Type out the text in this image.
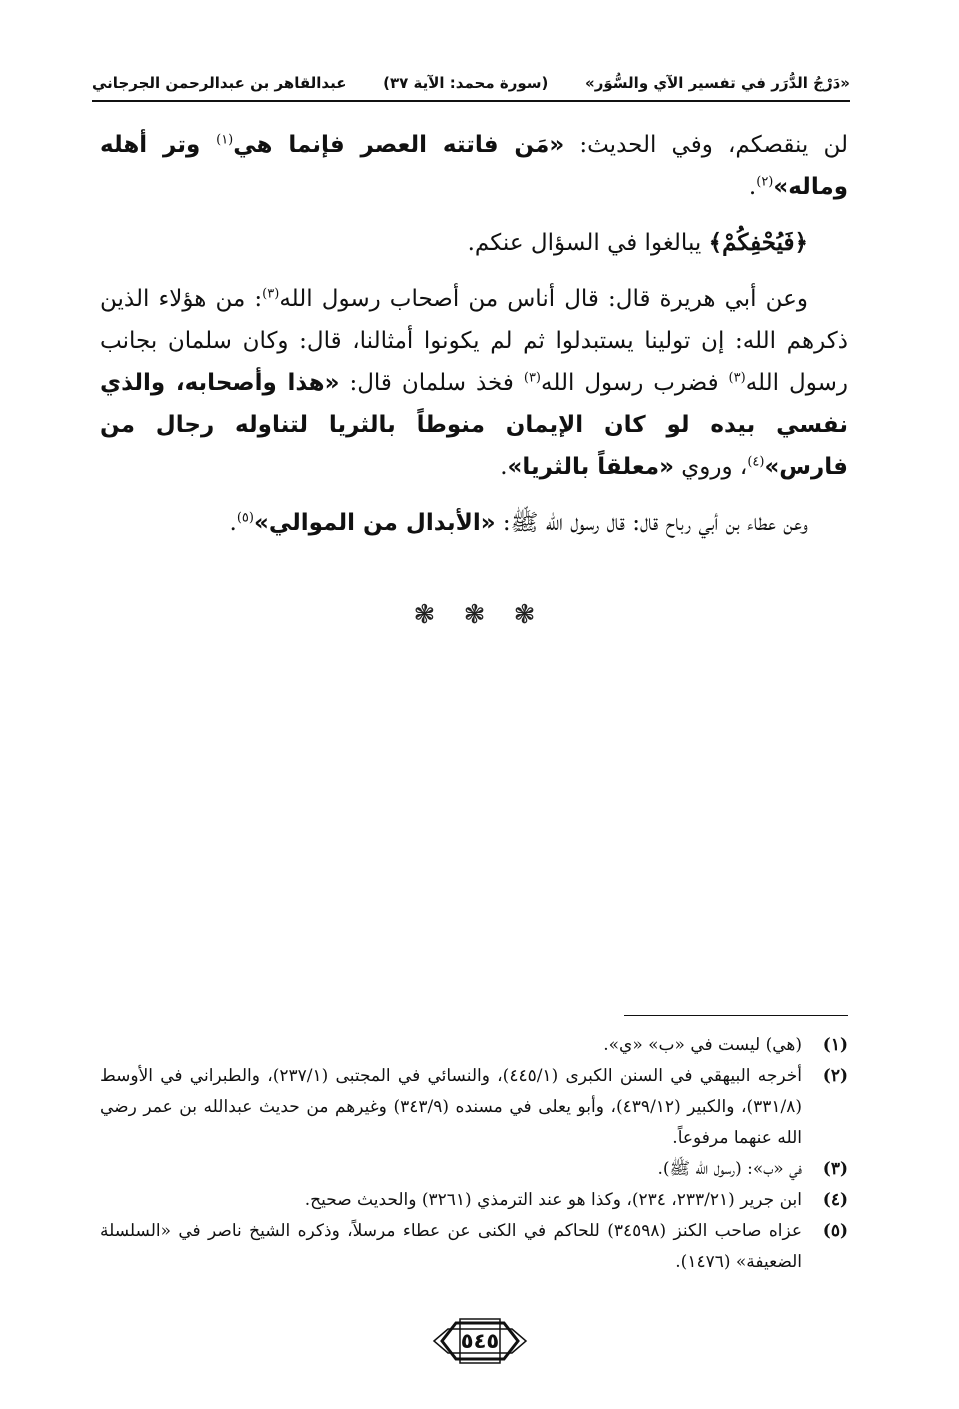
«دَرْجُ الدُّرَر في تفسير الآي والسُّوَر»
(سورة محمد: الآية ٣٧)
عبدالقاهر بن عبدالرحمن الجرجاني

لن ينقصكم، وفي الحديث: «مَن فاتته العصر فإنما هي$^{(١)}$ وتر أهله وماله»$^{(٢)}$.

﴿فَيُحْفِكُمْ﴾ يبالغوا في السؤال عنكم.

وعن أبي هريرة قال: قال أناس من أصحاب رسول الله$^{(٣)}$: من هؤلاء الذين ذكرهم الله: إن تولينا يستبدلوا ثم لم يكونوا أمثالنا، قال: وكان سلمان بجانب رسول الله$^{(٣)}$ فضرب رسول الله$^{(٣)}$ فخذ سلمان قال: «هذا وأصحابه، والذي نفسي بيده لو كان الإيمان منوطاً بالثريا لتناوله رجال من فارس»$^{(٤)}$، وروي «معلقاً بالثريا».

وعن عطاء بن أبي رباح قال: قال رسول الله ﷺ: «الأبدال من الموالي»$^{(٥)}$.

❃ ❃ ❃
(١)
(هي) ليست في «ب» «ي».
(٢)
أخرجه البيهقي في السنن الكبرى (٤٤٥/١)، والنسائي في المجتبى (٢٣٧/١)، والطبراني في الأوسط (٣٣١/٨)، والكبير (٤٣٩/١٢)، وأبو يعلى في مسنده (٣٤٣/٩) وغيرهم من حديث عبدالله بن عمر رضي الله عنهما مرفوعاً.
(٣)
في «ب»: (رسول الله ﷺ).
(٤)
ابن جرير (٢٣٣/٢١، ٢٣٤)، وكذا هو عند الترمذي (٣٢٦١) والحديث صحيح.
(٥)
عزاه صاحب الكنز (٣٤٥٩٨) للحاكم في الكنى عن عطاء مرسلاً، وذكره الشيخ ناصر في «السلسلة الضعيفة» (١٤٧٦).
٥٤٥
